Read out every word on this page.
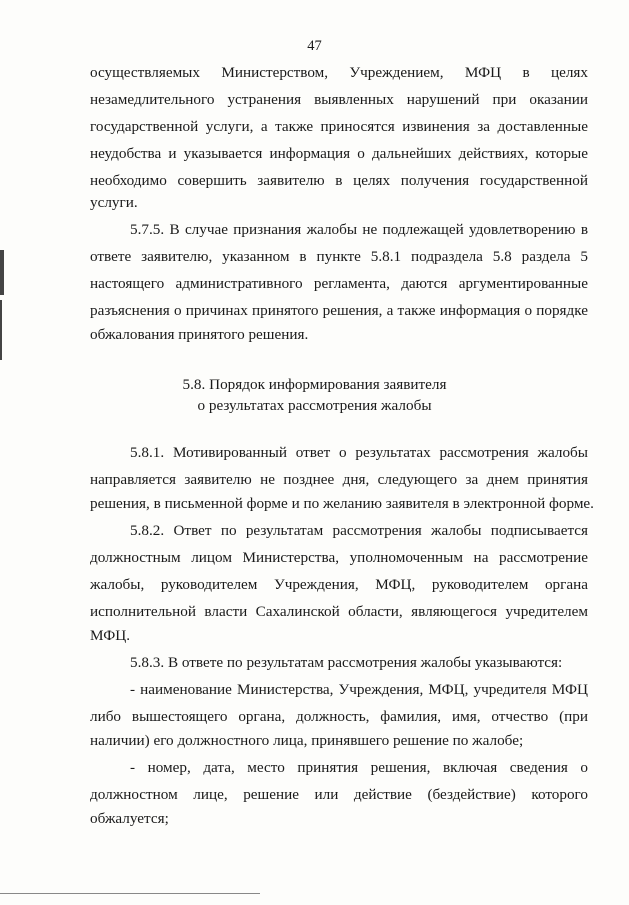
47
осуществляемых Министерством, Учреждением, МФЦ в целях
незамедлительного устранения выявленных нарушений при оказании
государственной услуги, а также приносятся извинения за доставленные
неудобства и указывается информация о дальнейших действиях, которые
необходимо совершить заявителю в целях получения государственной
услуги.
5.7.5. В случае признания жалобы не подлежащей удовлетворению в
ответе заявителю, указанном в пункте 5.8.1 подраздела 5.8 раздела 5
настоящего административного регламента, даются аргументированные
разъяснения о причинах принятого решения, а также информация о порядке
обжалования принятого решения.
5.8. Порядок информирования заявителя
о результатах рассмотрения жалобы
5.8.1. Мотивированный ответ о результатах рассмотрения жалобы
направляется заявителю не позднее дня, следующего за днем принятия
решения, в письменной форме и по желанию заявителя в электронной форме.
5.8.2. Ответ по результатам рассмотрения жалобы подписывается
должностным лицом Министерства, уполномоченным на рассмотрение
жалобы, руководителем Учреждения, МФЦ, руководителем органа
исполнительной власти Сахалинской области, являющегося учредителем
МФЦ.
5.8.3. В ответе по результатам рассмотрения жалобы указываются:
- наименование Министерства, Учреждения, МФЦ, учредителя МФЦ
либо вышестоящего органа, должность, фамилия, имя, отчество (при
наличии) его должностного лица, принявшего решение по жалобе;
- номер, дата, место принятия решения, включая сведения о
должностном лице, решение или действие (бездействие) которого
обжалуется;
